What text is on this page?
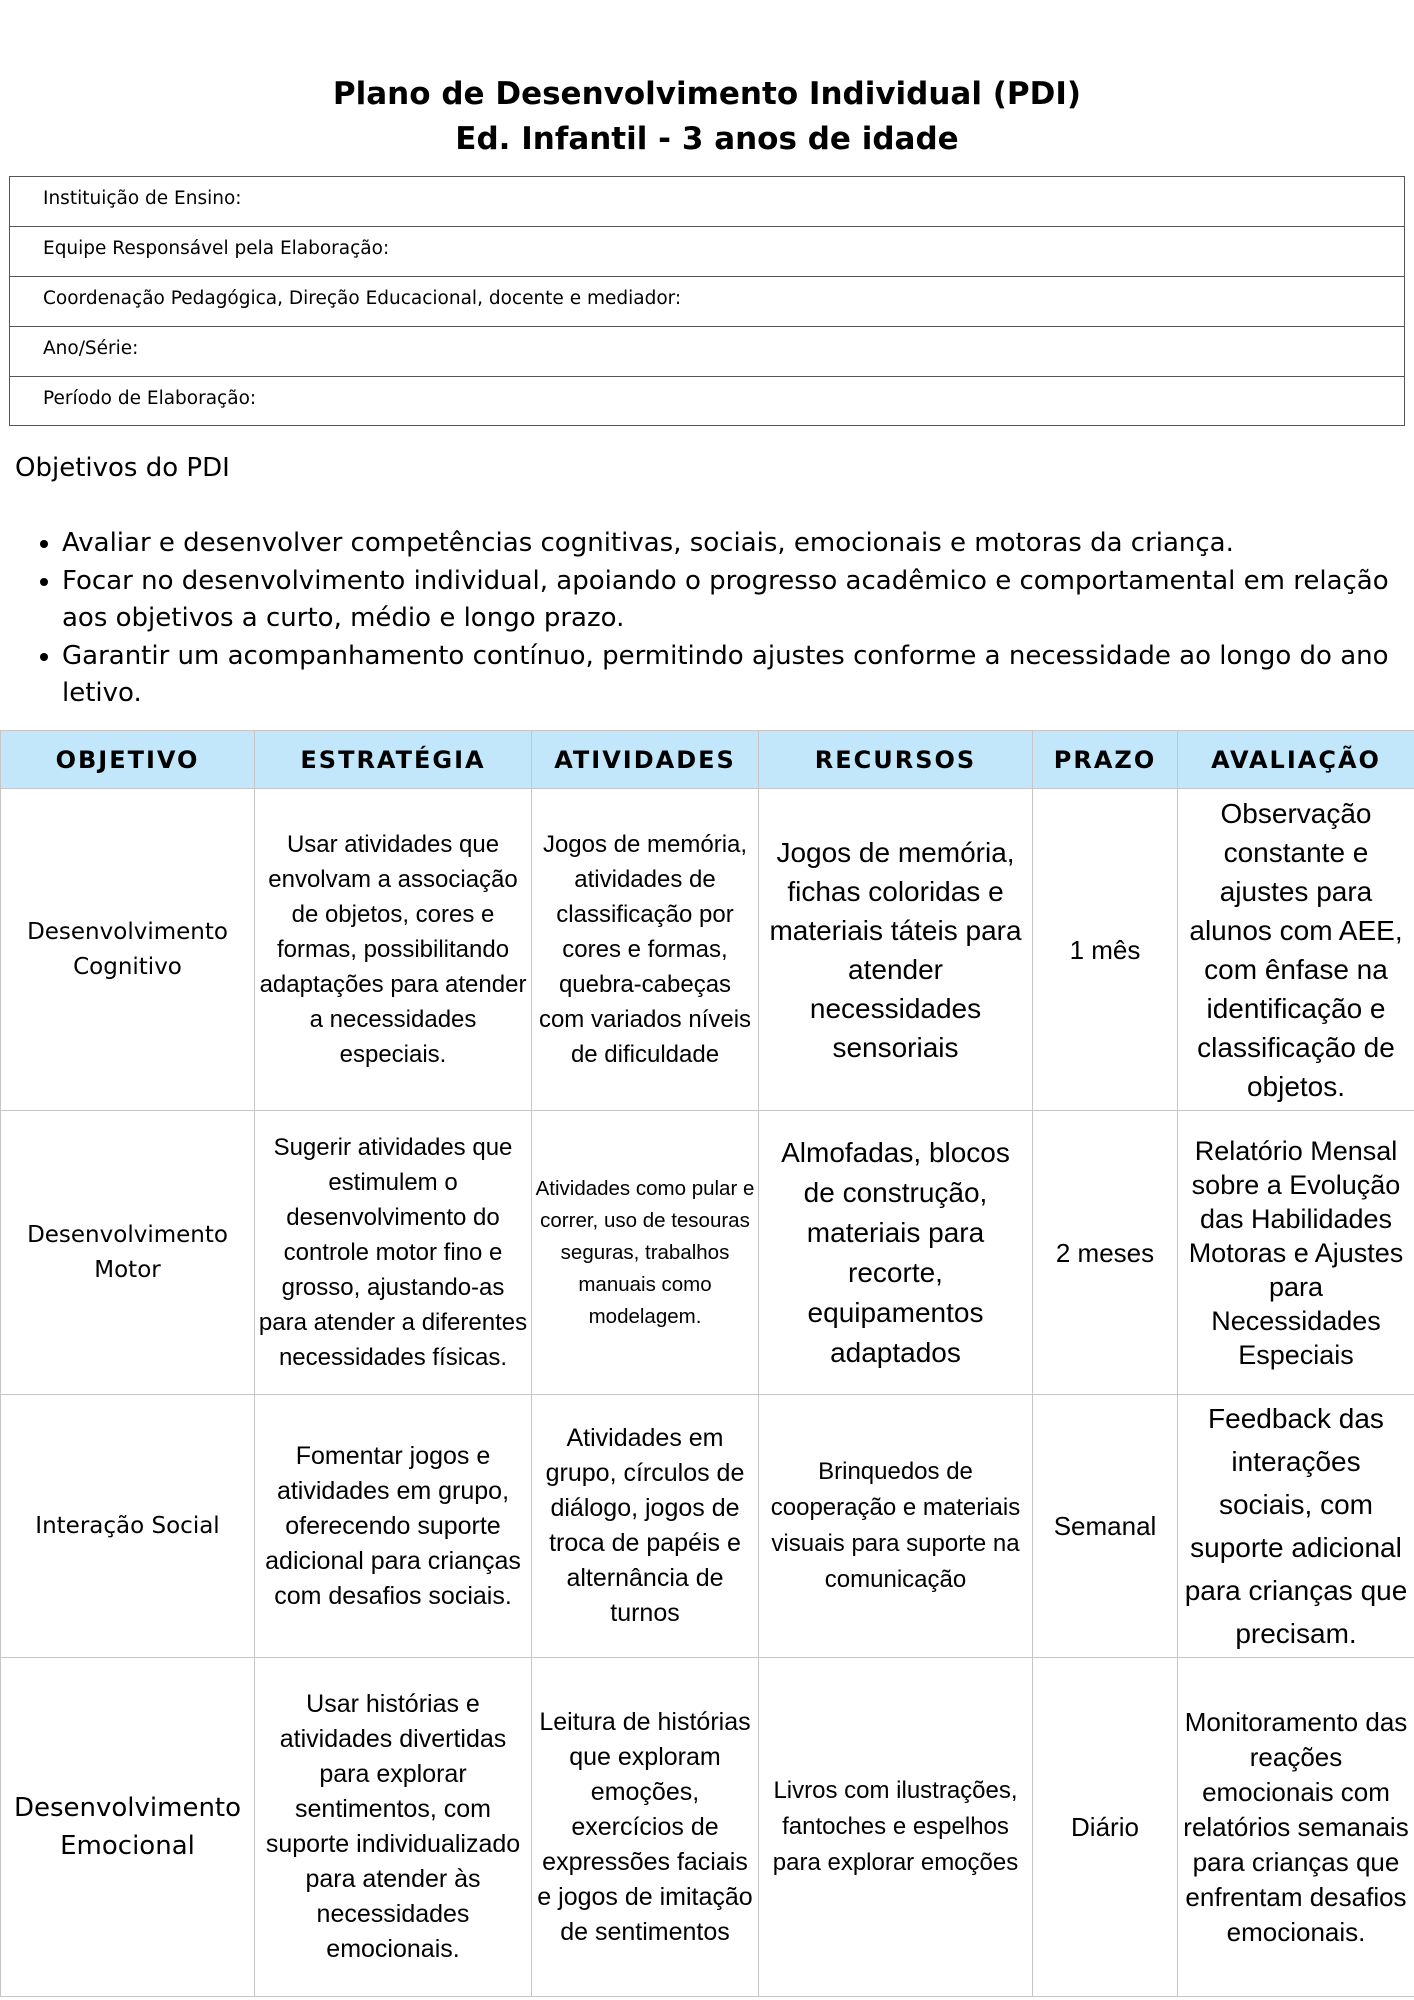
Plano de Desenvolvimento Individual (PDI)
Ed. Infantil - 3 anos de idade
Instituição de Ensino:
Equipe Responsável pela Elaboração:
Coordenação Pedagógica, Direção Educacional, docente e mediador:
Ano/Série:
Período de Elaboração:
Objetivos do PDI
• Avaliar e desenvolver competências cognitivas, sociais, emocionais e motoras da criança.
• Focar no desenvolvimento individual, apoiando o progresso acadêmico e comportamental em relação aos objetivos a curto, médio e longo prazo.
• Garantir um acompanhamento contínuo, permitindo ajustes conforme a necessidade ao longo do ano letivo.
OBJETIVO	ESTRATÉGIA	ATIVIDADES	RECURSOS	PRAZO	AVALIAÇÃO
Desenvolvimento Cognitivo	Usar atividades que envolvam a associação de objetos, cores e formas, possibilitando adaptações para atender a necessidades especiais.	Jogos de memória, atividades de classificação por cores e formas, quebra-cabeças com variados níveis de dificuldade	Jogos de memória, fichas coloridas e materiais táteis para atender necessidades sensoriais	1 mês	Observação constante e ajustes para alunos com AEE, com ênfase na identificação e classificação de objetos.
Desenvolvimento Motor	Sugerir atividades que estimulem o desenvolvimento do controle motor fino e grosso, ajustando-as para atender a diferentes necessidades físicas.	Atividades como pular e correr, uso de tesouras seguras, trabalhos manuais como modelagem.	Almofadas, blocos de construção, materiais para recorte, equipamentos adaptados	2 meses	Relatório Mensal sobre a Evolução das Habilidades Motoras e Ajustes para Necessidades Especiais
Interação Social	Fomentar jogos e atividades em grupo, oferecendo suporte adicional para crianças com desafios sociais.	Atividades em grupo, círculos de diálogo, jogos de troca de papéis e alternância de turnos	Brinquedos de cooperação e materiais visuais para suporte na comunicação	Semanal	Feedback das interações sociais, com suporte adicional para crianças que precisam.
Desenvolvimento Emocional	Usar histórias e atividades divertidas para explorar sentimentos, com suporte individualizado para atender às necessidades emocionais.	Leitura de histórias que exploram emoções, exercícios de expressões faciais e jogos de imitação de sentimentos	Livros com ilustrações, fantoches e espelhos para explorar emoções	Diário	Monitoramento das reações emocionais com relatórios semanais para crianças que enfrentam desafios emocionais.
